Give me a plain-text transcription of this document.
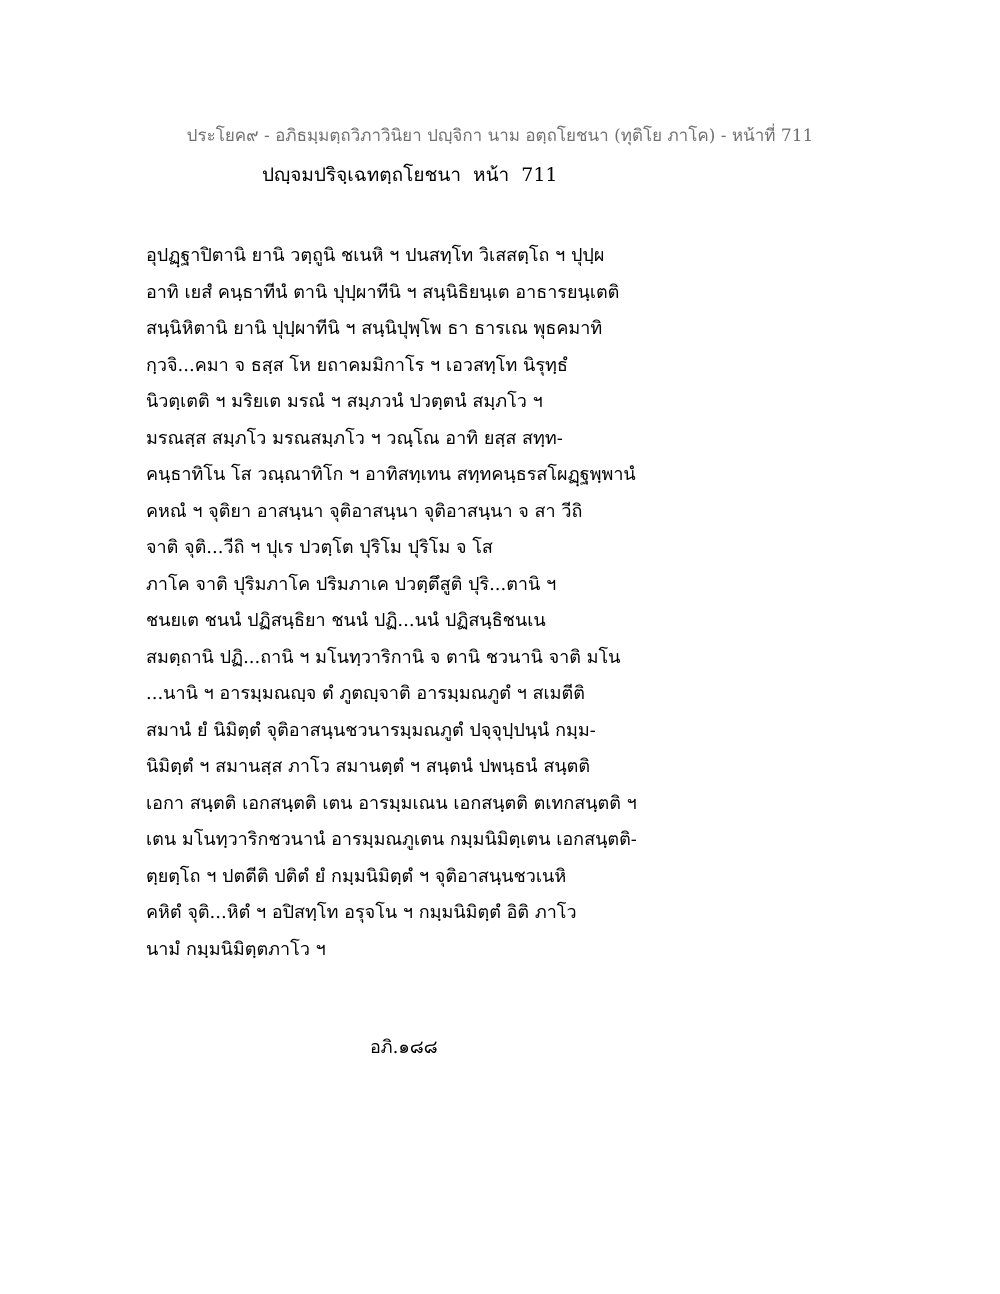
ประโยค๙ - อภิธมฺมตฺถวิภาวินิยา ปญฺจิกา นาม อตฺถโยชนา (ทุติโย ภาโค) - หน้าที่ 711
ปญฺจมปริจฺเฉทตฺถโยชนา หน้า 711
อุปฏฺฐาปิตานิ ยานิ วตฺถูนิ ชเนหิ ฯ ปนสทฺโท วิเสสตฺโถ ฯ ปุปฺผ
อาทิ เยสํ คนฺธาทีนํ ตานิ ปุปฺผาทีนิ ฯ สนฺนิธิยนฺเต อาธารยนฺเตติ
สนฺนิหิตานิ ยานิ ปุปฺผาทีนิ ฯ สนฺนิปุพฺโพ ธา ธารเณ พุธคมาทิ
กฺวจิ...คมา จ ธสฺส โห ยถาคมมิกาโร ฯ เอวสทฺโท นิรุทฺธํ
นิวตฺเตติ ฯ มริยเต มรณํ ฯ สมฺภวนํ ปวตฺตนํ สมฺภโว ฯ
มรณสฺส สมฺภโว มรณสมฺภโว ฯ วณฺโณ อาทิ ยสฺส สทฺท-
คนฺธาทิโน โส วณฺณาทิโก ฯ อาทิสทฺเทน สทฺทคนฺธรสโผฏฺฐพฺพานํ
คหณํ ฯ จุติยา อาสนฺนา จุติอาสนฺนา จุติอาสนฺนา จ สา วีถิ
จาติ จุติ...วีถิ ฯ ปุเร ปวตฺโต ปุริโม ปุริโม จ โส
ภาโค จาติ ปุริมภาโค ปริมภาเค ปวตฺตึสูติ ปุริ...ตานิ ฯ
ชนยเต ชนนํ ปฏิสนฺธิยา ชนนํ ปฏิ...นนํ ปฏิสนฺธิชนเน
สมตฺถานิ ปฏิ...ถานิ ฯ มโนทฺวาริกานิ จ ตานิ ชวนานิ จาติ มโน
...นานิ ฯ อารมฺมณญฺจ ตํ ภูตญฺจาติ อารมฺมณภูตํ ฯ สเมตีติ
สมานํ ยํ นิมิตฺตํ จุติอาสนฺนชวนารมฺมณภูตํ ปจฺจุปฺปนฺนํ กมฺม-
นิมิตฺตํ ฯ สมานสฺส ภาโว สมานตฺตํ ฯ สนฺตนํ ปพนฺธนํ สนฺตติ
เอกา สนฺตติ เอกสนฺตติ เตน อารมฺมเณน เอกสนฺตติ ตเทกสนฺตติ ฯ
เตน มโนทฺวาริกชวนานํ อารมฺมณภูเตน กมฺมนิมิตฺเตน เอกสนฺตติ-
ตฺยตฺโถ ฯ ปตตีติ ปติตํ ยํ กมฺมนิมิตฺตํ ฯ จุติอาสนฺนชวเนหิ
คหิตํ จุติ...หิตํ ฯ อปิสทฺโท อรุจโน ฯ กมฺมนิมิตฺตํ อิติ ภาโว
นามํ กมฺมนิมิตฺตภาโว ฯ
อภิ.๑๘๘
